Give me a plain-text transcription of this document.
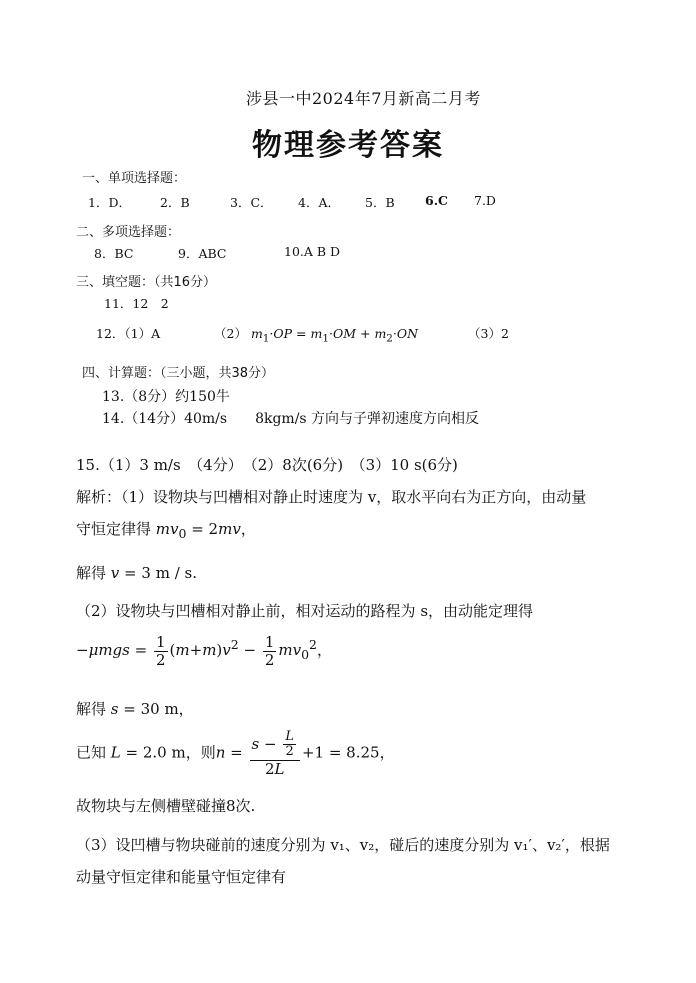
涉县一中2024年7月新高二月考
物理参考答案
一、单项选择题：
1．D． 2．B	3．C． 4．A． 5．B 6.C 7.D
二、多项选择题：
8．BC	9．ABC	10.A B D
三、填空题：（共16分）
11．12　2
12．（1）A	（2） $m_1\cdot OP = m_1\cdot OM + m_2\cdot ON$	（3）2
四、计算题：（三小题，共38分）
13.（8分）约150牛
14.（14分）40m/s　　8kgm/s 方向与子弹初速度方向相反
15.（1）3 m/s　（4分）　（2）8次(6分)　（3）10 s(6分)
解析：（1）设物块与凹槽相对静止时速度为 v，取水平向右为正方向，由动量
守恒定律得 $mv_0 = 2mv$，
解得 v = 3 m / s.
（2）设物块与凹槽相对静止前，相对运动的路程为 s，由动能定理得
$-\mu mgs = \frac{1}{2} (m+m)v^2 - \frac{1}{2} mv_0^2$，
解得 s = 30 m，
已知 L = 2.0 m，则$n = \frac{s - \frac{L}{2}}{2L} +1 = 8.25$，
故物块与左侧槽壁碰撞8次.
（3）设凹槽与物块碰前的速度分别为 v₁、v₂，碰后的速度分别为 v₁′、v₂′，根据
动量守恒定律和能量守恒定律有
